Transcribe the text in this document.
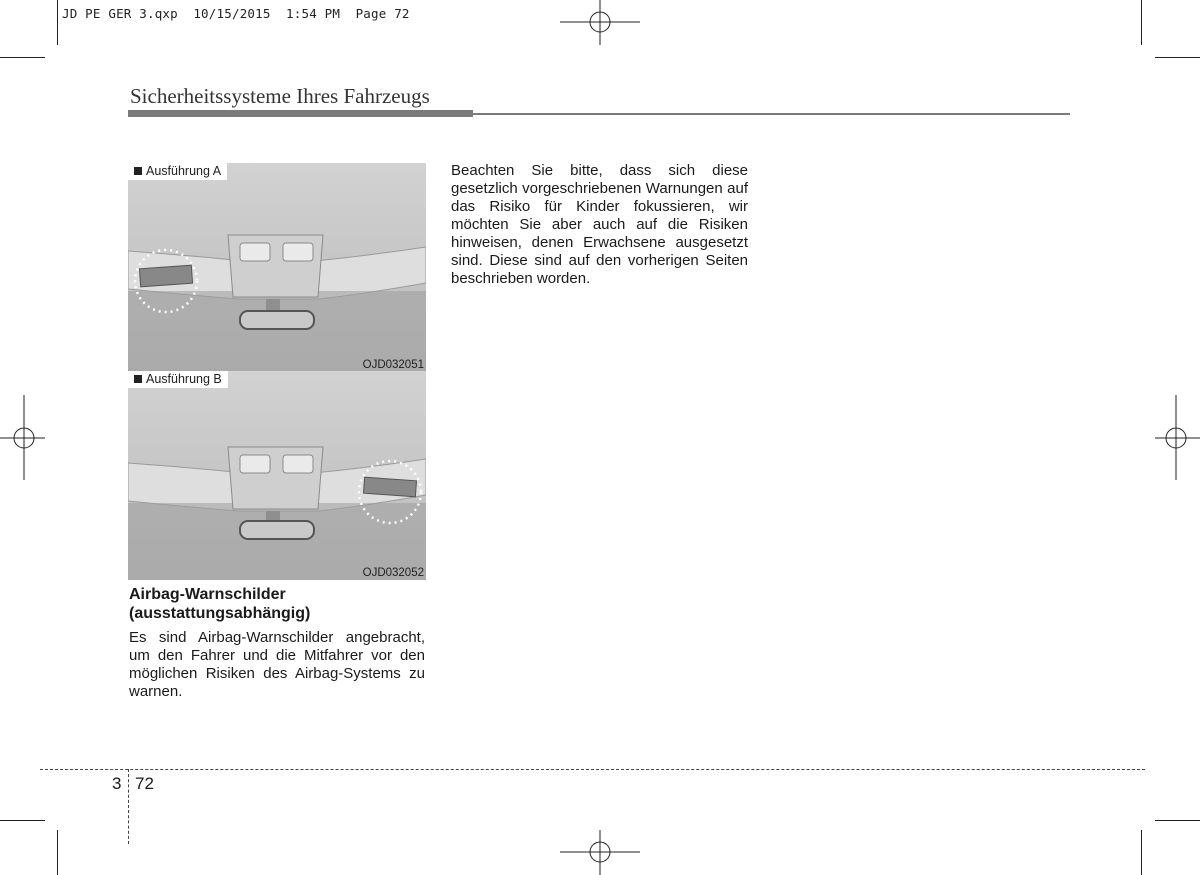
JD PE GER 3.qxp  10/15/2015  1:54 PM  Page 72
Sicherheitssysteme Ihres Fahrzeugs
Ausführung A
OJD032051
Ausführung B
OJD032052
Airbag-Warnschilder
(ausstattungsabhängig)
Es sind Airbag-Warnschilder angebracht, um den Fahrer und die Mitfahrer vor den möglichen Risiken des Airbag-Systems zu warnen.
Beachten Sie bitte, dass sich diese gesetzlich vorgeschriebenen Warnungen auf das Risiko für Kinder fokussieren, wir möchten Sie aber auch auf die Risiken hinweisen, denen Erwachsene ausgesetzt sind. Diese sind auf den vorherigen Seiten beschrieben worden.
3 72
